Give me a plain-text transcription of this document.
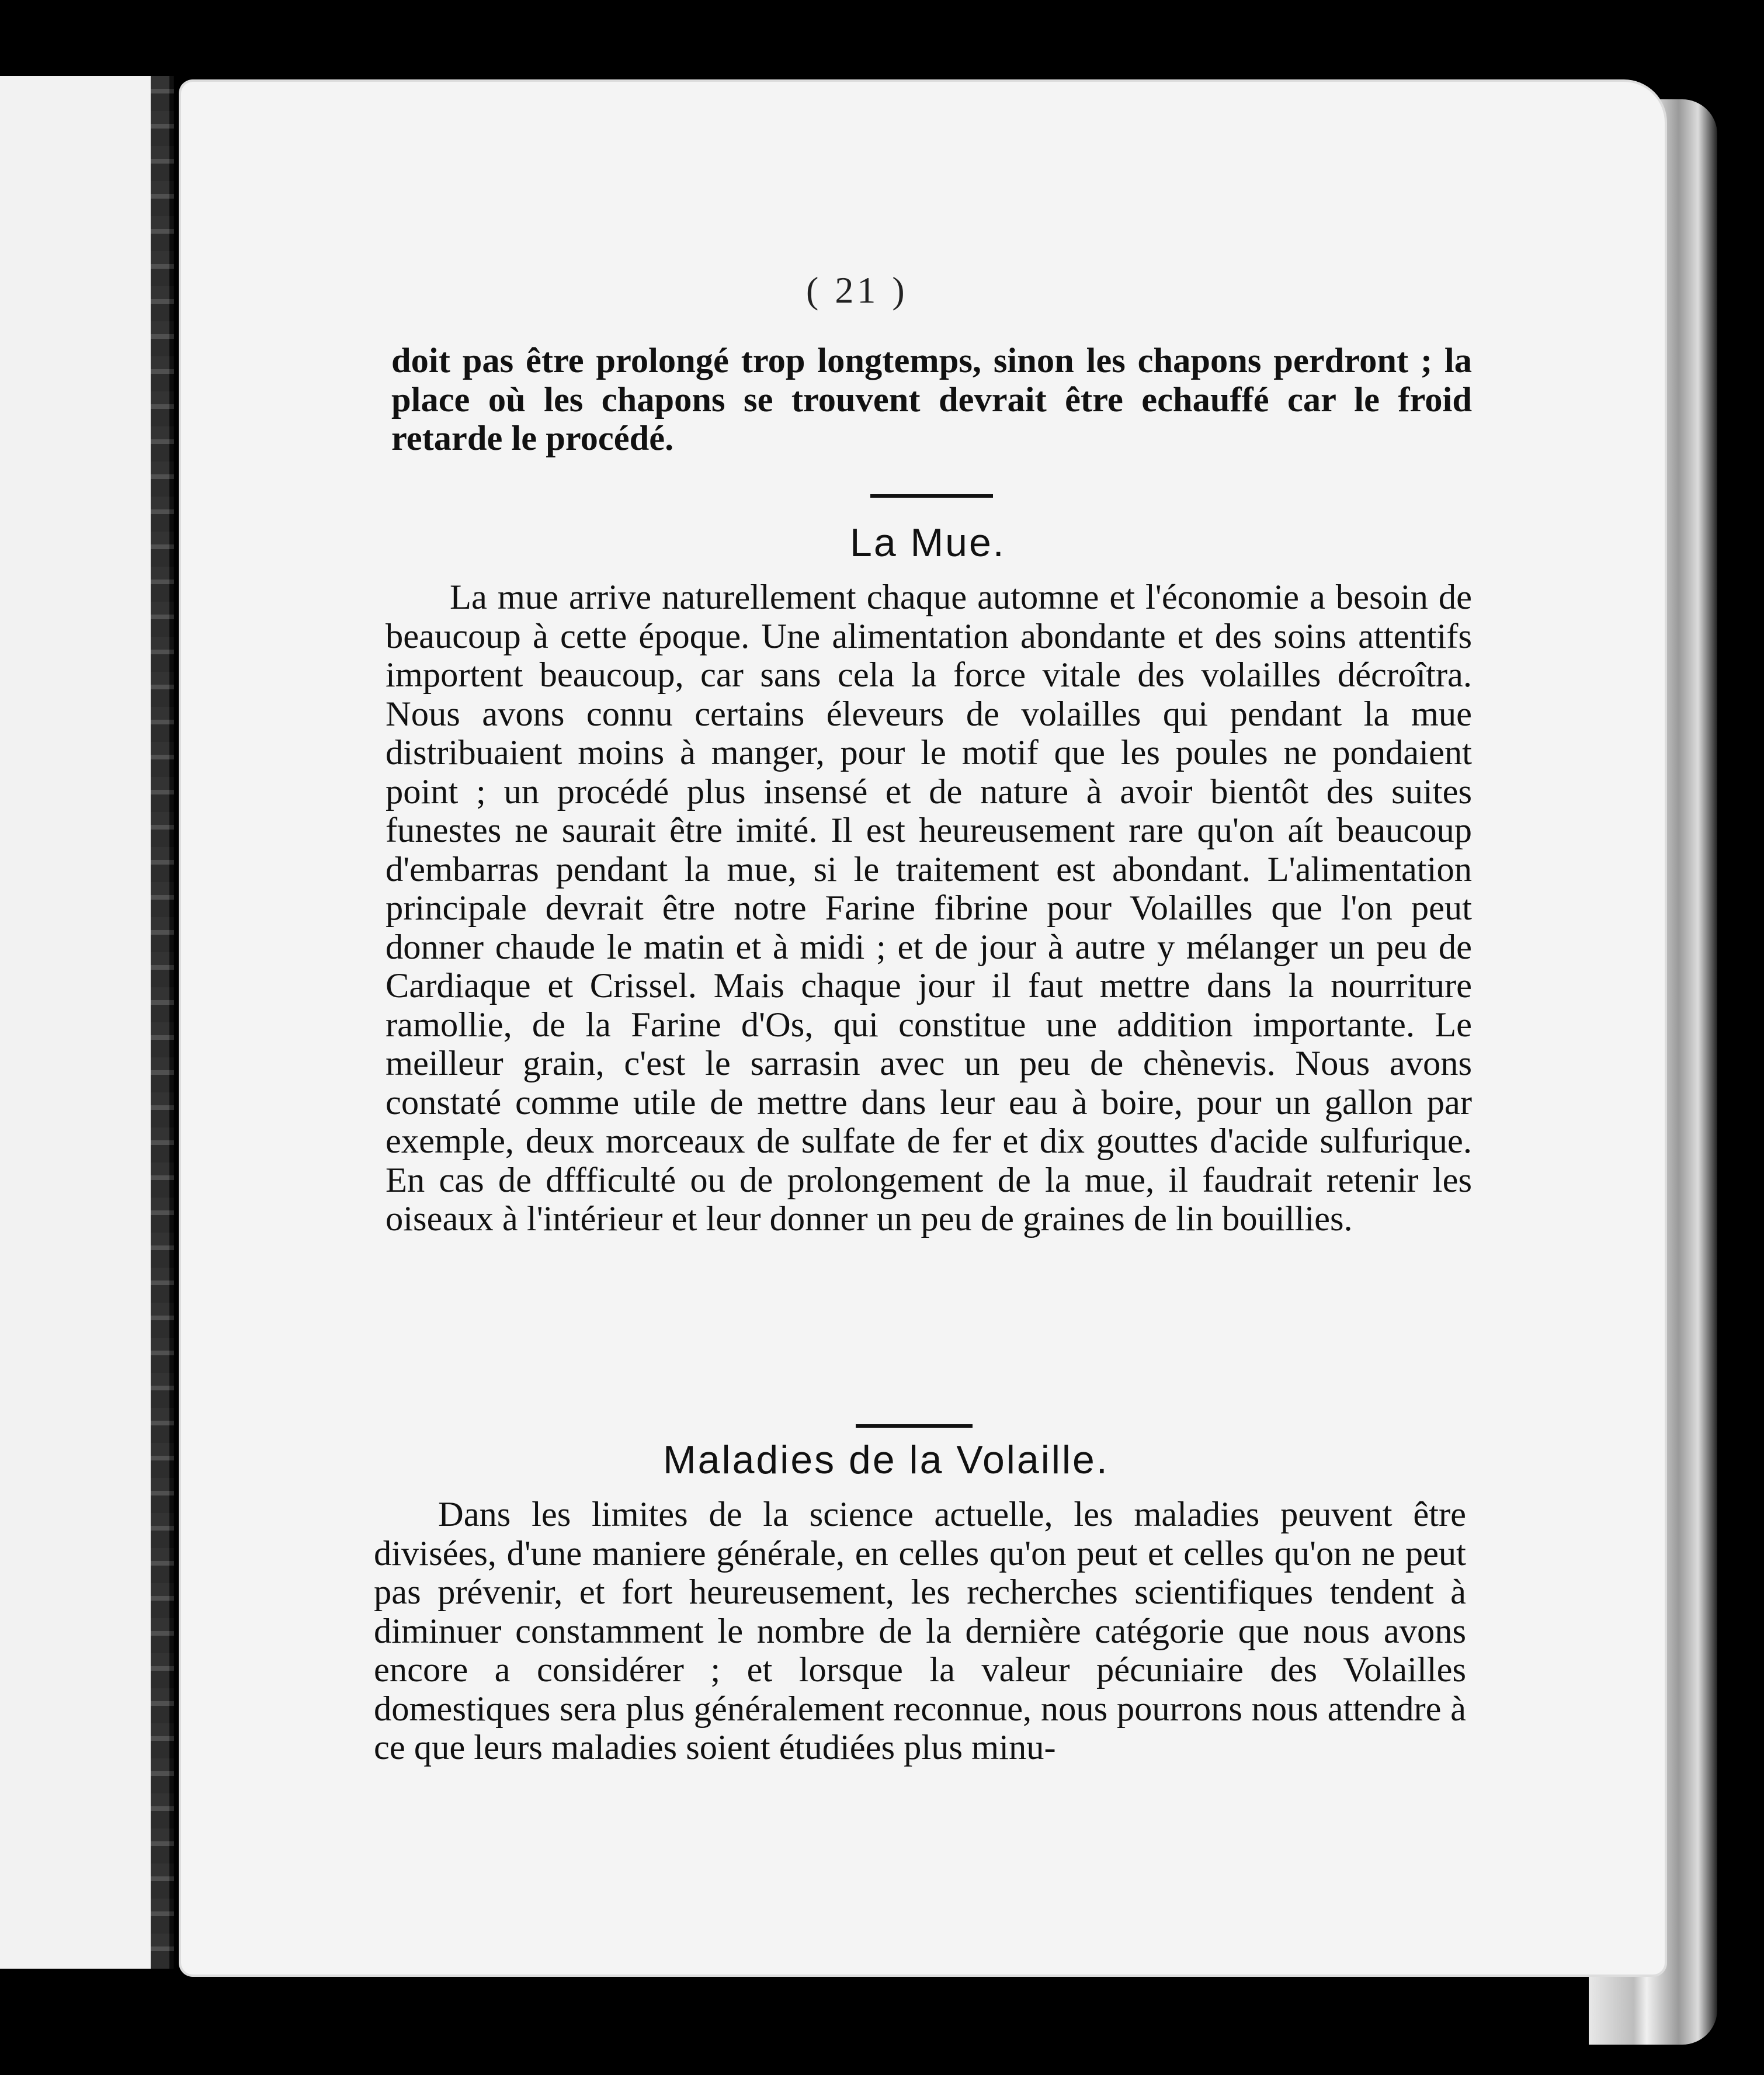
( 21 )

doit pas être prolongé trop longtemps, sinon les chapons perdront ; la place où les chapons se trouvent devrait être echauffé car le froid retarde le procédé.

La Mue.

La mue arrive naturellement chaque automne et l'économie a besoin de beaucoup à cette époque. Une alimentation abondante et des soins attentifs importent beaucoup, car sans cela la force vitale des volailles décroîtra. Nous avons connu certains éleveurs de volailles qui pendant la mue distribuaient moins à manger, pour le motif que les poules ne pondaient point ; un procédé plus insensé et de nature à avoir bientôt des suites funestes ne saurait être imité. Il est heureusement rare qu'on aít beaucoup d'embarras pendant la mue, si le traitement est abondant. L'alimentation principale devrait être notre Farine fibrine pour Volailles que l'on peut donner chaude le matin et à midi ; et de jour à autre y mélanger un peu de Cardiaque et Crissel. Mais chaque jour il faut mettre dans la nourriture ramollie, de la Farine d'Os, qui constitue une addition importante. Le meilleur grain, c'est le sarrasin avec un peu de chènevis. Nous avons constaté comme utile de mettre dans leur eau à boire, pour un gallon par exemple, deux morceaux de sulfate de fer et dix gouttes d'acide sulfurique. En cas de dffficulté ou de prolongement de la mue, il faudrait retenir les oiseaux à l'intérieur et leur donner un peu de graines de lin bouillies.

Maladies de la Volaille.

Dans les limites de la science actuelle, les maladies peuvent être divisées, d'une maniere générale, en celles qu'on peut et celles qu'on ne peut pas prévenir, et fort heureusement, les recherches scientifiques tendent à diminuer constamment le nombre de la dernière catégorie que nous avons encore a considérer ; et lorsque la valeur pécuniaire des Volailles domestiques sera plus généralement reconnue, nous pourrons nous attendre à ce que leurs maladies soient étudiées plus minu-
